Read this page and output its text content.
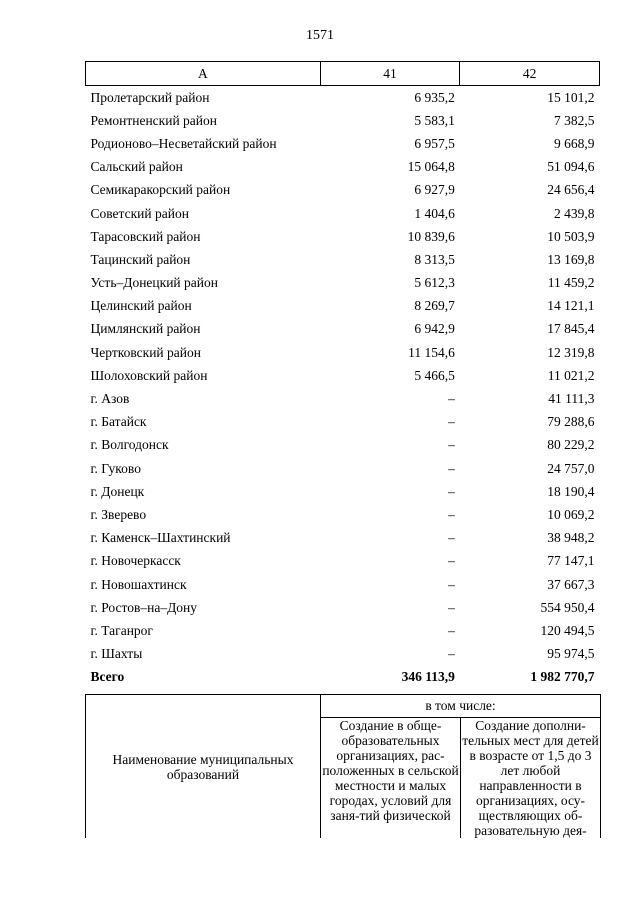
1571
А	41	42
Пролетарский район	6 935,2	15 101,2
Ремонтненский район	5 583,1	7 382,5
Родионово–Несветайский район	6 957,5	9 668,9
Сальский район	15 064,8	51 094,6
Семикаракорский район	6 927,9	24 656,4
Советский район	1 404,6	2 439,8
Тарасовский район	10 839,6	10 503,9
Тацинский район	8 313,5	13 169,8
Усть–Донецкий район	5 612,3	11 459,2
Целинский район	8 269,7	14 121,1
Цимлянский район	6 942,9	17 845,4
Чертковский район	11 154,6	12 319,8
Шолоховский район	5 466,5	11 021,2
г. Азов	–	41 111,3
г. Батайск	–	79 288,6
г. Волгодонск	–	80 229,2
г. Гуково	–	24 757,0
г. Донецк	–	18 190,4
г. Зверево	–	10 069,2
г. Каменск–Шахтинский	–	38 948,2
г. Новочеркасск	–	77 147,1
г. Новошахтинск	–	37 667,3
г. Ростов–на–Дону	–	554 950,4
г. Таганрог	–	120 494,5
г. Шахты	–	95 974,5
Всего	346 113,9	1 982 770,7
Наименование муниципальных образований	в том числе:	
	Создание в обще-образовательных организациях, рас-положенных в сельской местности и малых городах, условий для заня-тий физической	Создание дополни-тельных мест для детей в возрасте от 1,5 до 3 лет любой направленности в организациях, осу-ществляющих об-разовательную дея-
